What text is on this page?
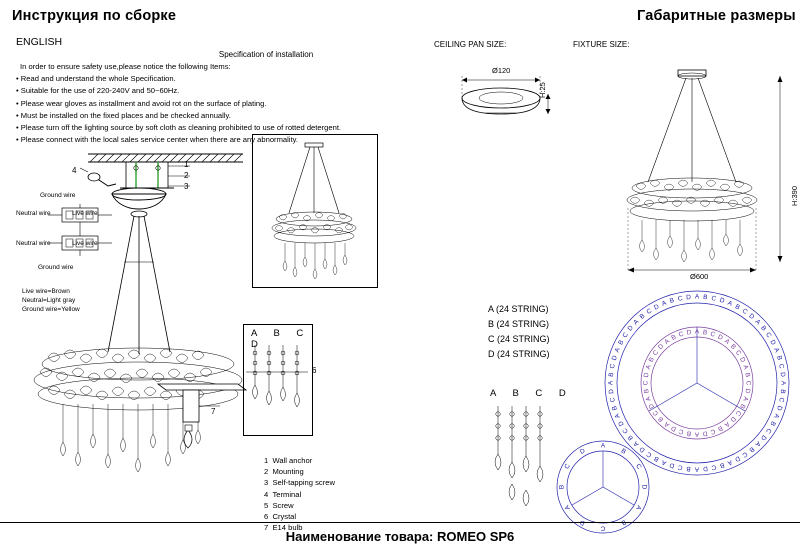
Инструкция по сборке	Габаритные размеры
ENGLISH
Specification of installation
In order to ensure safety use,please notice the following Items:
• Read and understand the whole Specification.
• Suitable for the use of 220-240V and 50~60Hz.
• Please wear gloves as installment and avoid rot on the surface of plating.
• Must be installed on the fixed places and be checked annually.
• Please turn off the lighting source by soft cloth as cleaning prohibited to use of rotted detergent.
• Please connect with the local sales service center when there are any abnormality.
1
2
3
4
6
7
Ground wire
Neutral wire	Live wire
Neutral wire	Live wire
Ground wire
Live wire=Brown
Neutral=Light gray
Ground wire=Yellow
A B C D
A (24 STRING)
B (24 STRING)
C (24 STRING)
D (24 STRING)
A B C D
1 Wall anchor
2 Mounting
3 Self-tapping screw
4 Terminal
5 Screw
6 Crystal
7 E14 bulb
CEILING PAN SIZE:
Ø120
H:25
FIXTURE SIZE:
H:390
Ø600
A B C D A B
C
D
A
B
C
D
A
B
C
D
A
B
C
D
A
B
C
D
A
B
C
D
A
B
C
D
A
B
C
D
A
B
C
D
A
B
C
D
A
B
C
D
A
B
C
D
A
B
C
D
A
B
C
D A B C D
A B C D A
B
C
D
A
B
C
D
A
B
C
D
A
B
C
D
A
B
C
D
A
B
C
D
A
B
C
D
A
B
C
D
A B C D
A
B
C
D
A
B
C
D
A
B
C
D
Наименование товара: ROMEO SP6
